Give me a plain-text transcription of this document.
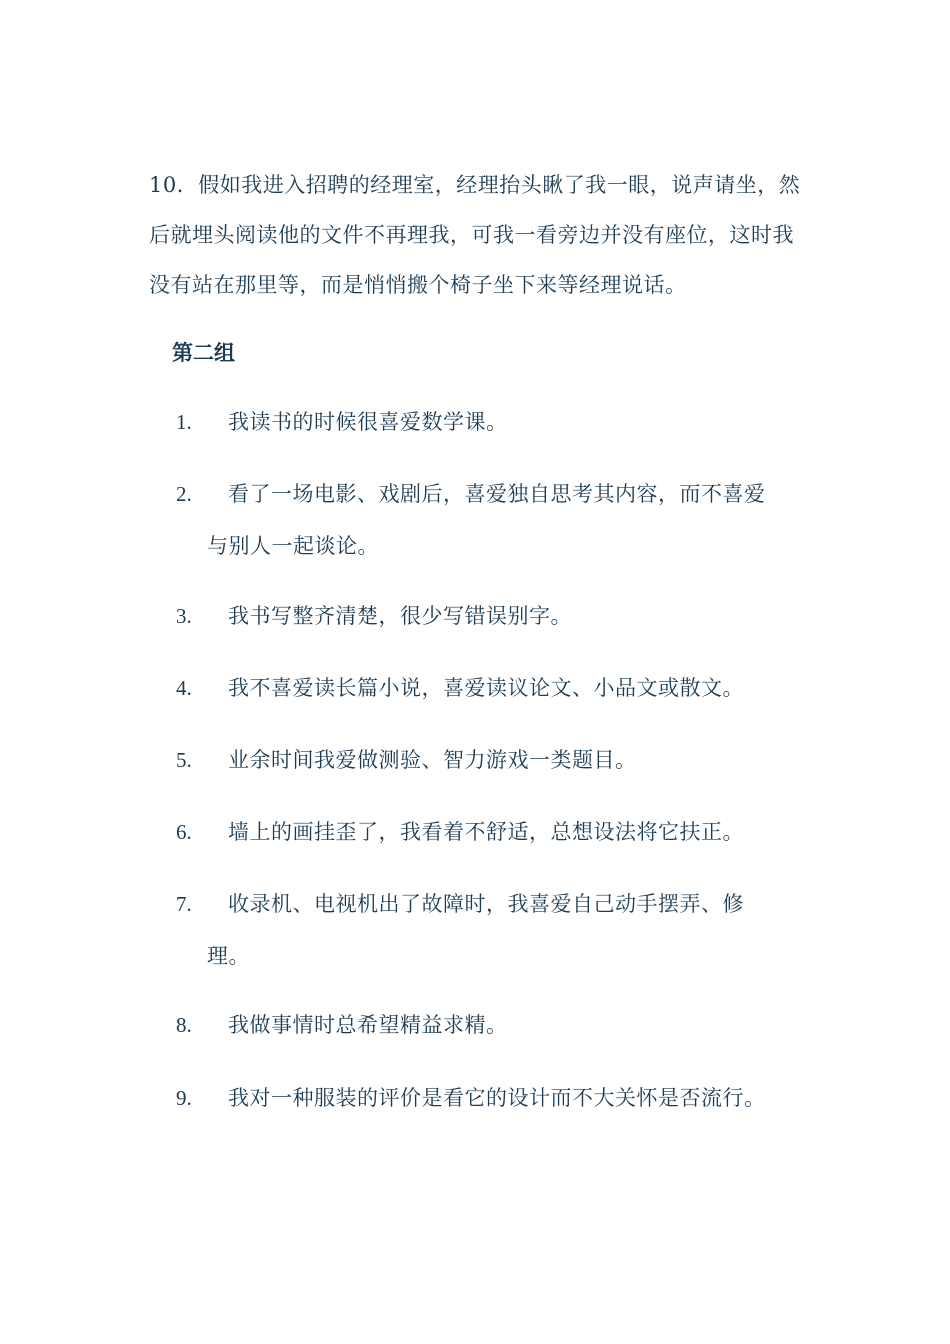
10．假如我进入招聘的经理室，经理抬头瞅了我一眼，说声请坐，然后就埋头阅读他的文件不再理我，可我一看旁边并没有座位，这时我没有站在那里等，而是悄悄搬个椅子坐下来等经理说话。

第二组

1.	我读书的时候很喜爱数学课。
2.	看了一场电影、戏剧后，喜爱独自思考其内容，而不喜爱
与别人一起谈论。
3.	我书写整齐清楚，很少写错误别字。
4.	我不喜爱读长篇小说，喜爱读议论文、小品文或散文。
5.	业余时间我爱做测验、智力游戏一类题目。
6.	墙上的画挂歪了，我看着不舒适，总想设法将它扶正。
7.	收录机、电视机出了故障时，我喜爱自己动手摆弄、修
理。
8.	我做事情时总希望精益求精。
9.	我对一种服装的评价是看它的设计而不大关怀是否流行。
